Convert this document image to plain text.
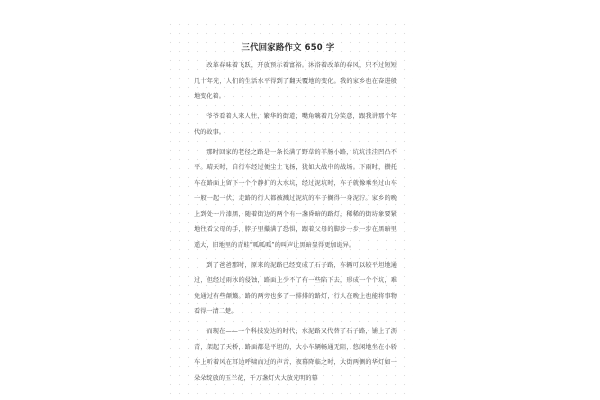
三代回家路作文 650 字

改革春味着飞跃，开放预示着富裕。沐浴着改革的春风，只不过短短几十年光，人们的生活水平得到了翻天覆地的变化。我的家乡也在奋进般地变化着。

爷爷看着人来人往，繁华的街道，嘴角噙着几分笑意，跟我讲那个年代的故事。

那时回家的老径之路是一条长满了野草的羊肠小路，坑坑洼洼凹凸不平。晴天时，自行车经过便尘土飞扬，犹如大战中的战场。下雨时，攒托车在路面上留下一个个静扩的大水坑，经过泥坑时，车子就像乘坐过山车一般一起一伏，走路的行人都被溅过泥坑的车子搁得一身泥泞。家乡的晚上到处一片漆黑，随着街边的两个有一盏昏暗的路灯，稀稀的街坊象要紧地往看父母的手，脖子里攥满了恐惧，跟着父母的脚步一步一步在黑暗里遥大，旧地里的青蛙“呱呱呱”的叫声让黑暗显得更加诡异。

到了爸爸那时，原来的泥路已经变成了石子路，车辆可以较平坦地通过，但经过雨水的侵蚀，路面上少不了有一些陷下去，形成一个个坑，难免通过有些颠簸。路的两旁也多了一排排的路灯，行人在晚上也能将事物看得一清二楚。

而现在——一个科技发达的时代，水泥路又代替了石子路，铺上了沥青，架起了天桥，路面都是平坦的，大小车辆畅通无阻，悠闲地坐在小轿车上听着风在耳边呼啸而过的声音，夜幕降临之时，大街两侧的华灯如一朵朵绽放的玉兰花，千万盏灯火大放光明的幕
